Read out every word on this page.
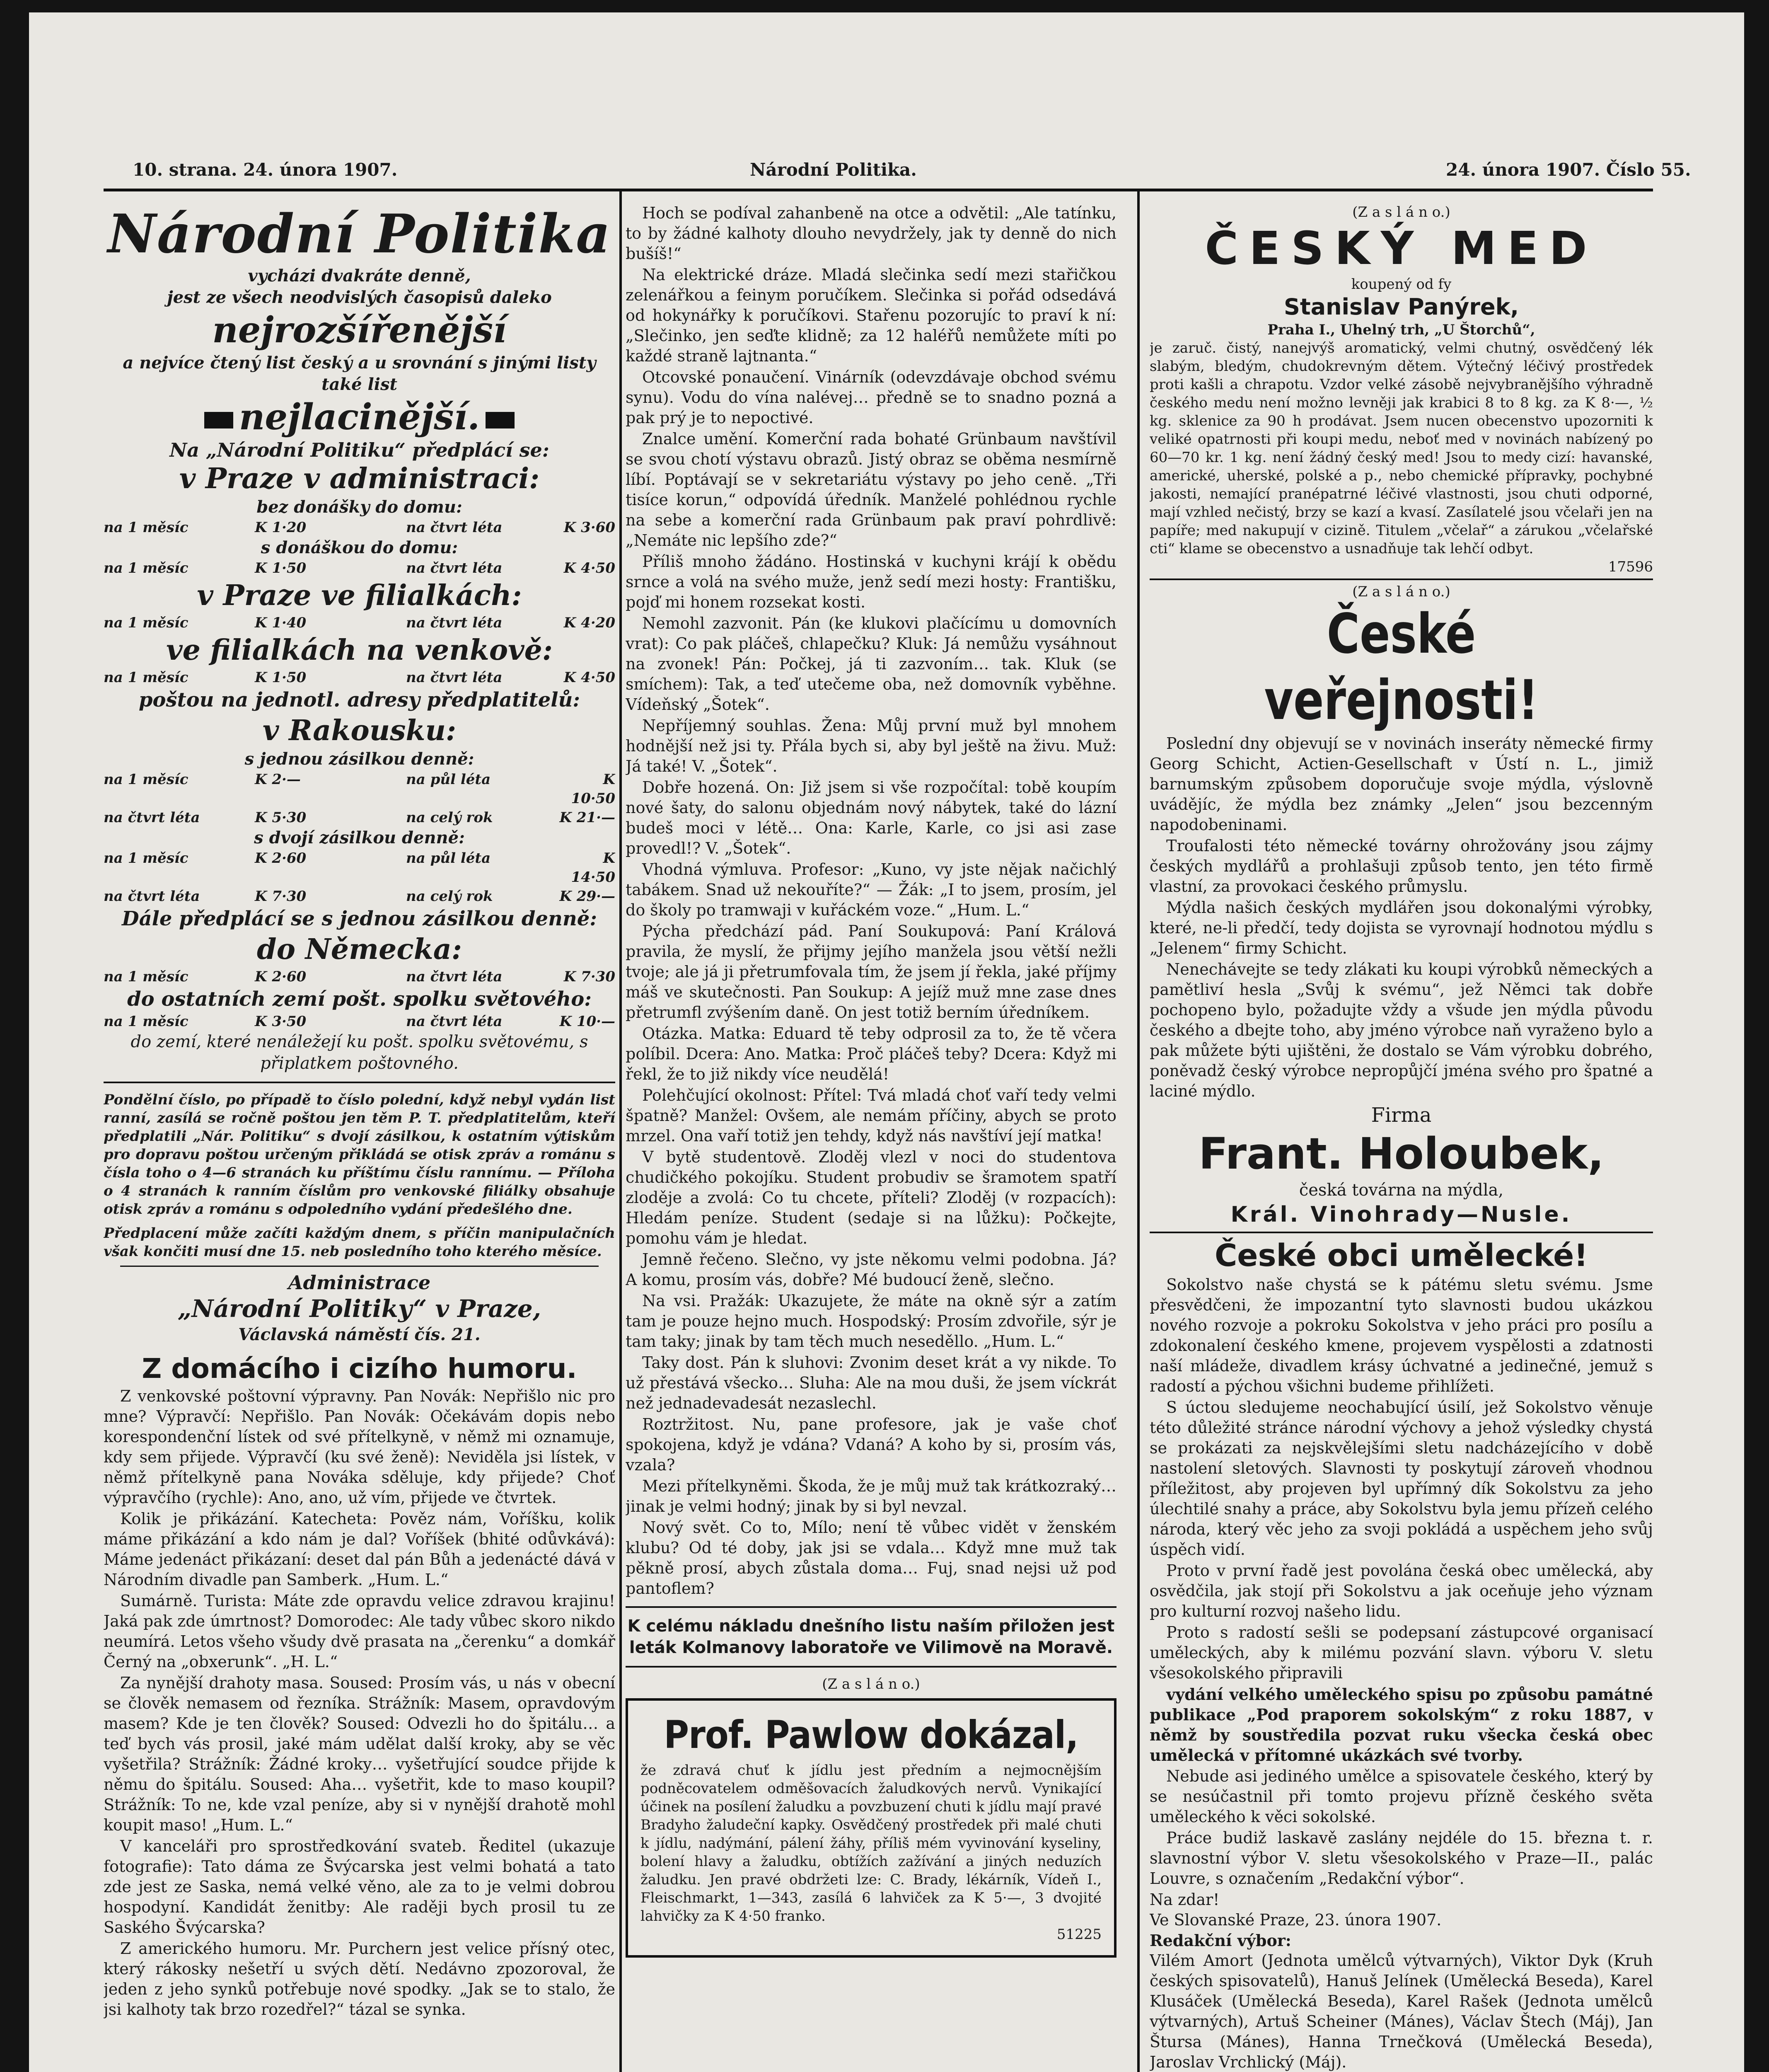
10. strana. 24. února 1907.	Národní Politika.	24. února 1907. Číslo 55.
Národní Politika
vycházi dvakráte denně,
jest ze všech neodvislých časopisů daleko
nejrozšířenější
a nejvíce čtený list český a u srovnání s jinými listy také list
nejlacinější.
Na „Národní Politiku“ předplácí se:
v Praze v administraci:
bez donášky do domu:
na 1 měsíc	K 1·20	na čtvrt léta	K 3·60
s donáškou do domu:
na 1 měsíc	K 1·50	na čtvrt léta	K 4·50
v Praze ve filialkách:
na 1 měsíc	K 1·40	na čtvrt léta	K 4·20
ve filialkách na venkově:
na 1 měsíc	K 1·50	na čtvrt léta	K 4·50
poštou na jednotl. adresy předplatitelů:
v Rakousku:
s jednou zásilkou denně:
na 1 měsíc	K 2·—	na půl léta	K 10·50
na čtvrt léta	K 5·30	na celý rok	K 21·—
s dvojí zásilkou denně:
na 1 měsíc	K 2·60	na půl léta	K 14·50
na čtvrt léta	K 7·30	na celý rok	K 29·—
Dále předplácí se s jednou zásilkou denně:
do Německa:
na 1 měsíc	K 2·60	na čtvrt léta	K 7·30
do ostatních zemí pošt. spolku světového:
na 1 měsíc	K 3·50	na čtvrt léta	K 10·—
do zemí, které nenáležejí ku pošt. spolku světovému, s připlatkem poštovného.

Pondělní číslo, po případě to číslo polední, když nebyl vydán list ranní, zasílá se ročně poštou jen těm P. T. předplatitelům, kteří předplatili „Nár. Politiku“ s dvojí zásilkou, k ostatním výtiskům pro dopravu poštou určeným přikládá se otisk zpráv a románu s čísla toho o 4—6 stranách ku příštímu číslu rannímu. — Příloha o 4 stranách k ranním číslům pro venkovské filiálky obsahuje otisk zpráv a románu s odpoledního vydání předešlého dne.

Předplacení může začíti každým dnem, s příčin manipulačních však končiti musí dne 15. neb posledního toho kterého měsíce.

Administrace
„Národní Politiky“ v Praze,
Václavská náměstí čís. 21.
Z domácího i cizího humoru.

Z venkovské poštovní výpravny. Pan Novák: Nepřišlo nic pro mne? Výpravčí: Nepřišlo. Pan Novák: Očekávám dopis nebo korespondenční lístek od své přítelkyně, v němž mi oznamuje, kdy sem přijede. Výpravčí (ku své ženě): Neviděla jsi lístek, v němž přítelkyně pana Nováka sděluje, kdy přijede? Choť výpravčího (rychle): Ano, ano, už vím, přijede ve čtvrtek.

Kolik je přikázání. Katecheta: Pověz nám, Voříšku, kolik máme přikázání a kdo nám je dal? Voříšek (bhité odůvkává): Máme jedenáct přikázaní: deset dal pán Bůh a jedenácté dává v Národním divadle pan Samberk. „Hum. L.“

Sumárně. Turista: Máte zde opravdu velice zdravou krajinu! Jaká pak zde úmrtnost? Domorodec: Ale tady vůbec skoro nikdo neumírá. Letos všeho všudy dvě prasata na „čerenku“ a domkář Černý na „obxerunk“. „H. L.“

Za nynější drahoty masa. Soused: Prosím vás, u nás v obecní se člověk nemasem od řezníka. Strážník: Masem, opravdovým masem? Kde je ten člověk? Soused: Odvezli ho do špitálu… a teď bych vás prosil, jaké mám udělat další kroky, aby se věc vyšetřila? Strážník: Žádné kroky… vyšetřující soudce přijde k němu do špitálu. Soused: Aha… vyšetřit, kde to maso koupil? Strážník: To ne, kde vzal peníze, aby si v nynější drahotě mohl koupit maso! „Hum. L.“

V kanceláři pro sprostředkování svateb. Ředitel (ukazuje fotografie): Tato dáma ze Švýcarska jest velmi bohatá a tato zde jest ze Saska, nemá velké věno, ale za to je velmi dobrou hospodyní. Kandidát ženitby: Ale raději bych prosil tu ze Saského Švýcarska?

Z amerického humoru. Mr. Purchern jest velice přísný otec, který rákosky nešetří u svých dětí. Nedávno zpozoroval, že jeden z jeho synků potřebuje nové spodky. „Jak se to stalo, že jsi kalhoty tak brzo rozedřel?“ tázal se synka.

Hoch se podíval zahanbeně na otce a odvětil: „Ale tatínku, to by žádné kalhoty dlouho nevydržely, jak ty denně do nich bušíš!“

Na elektrické dráze. Mladá slečinka sedí mezi stařičkou zelenářkou a feinym poručíkem. Slečinka si pořád odsedává od hokynářky k poručíkovi. Stařenu pozorujíc to praví k ní: „Slečinko, jen seďte klidně; za 12 haléřů nemůžete míti po každé straně lajtnanta.“

Otcovské ponaučení. Vinárník (odevzdávaje obchod svému synu). Vodu do vína nalévej… předně se to snadno pozná a pak prý je to nepoctivé.

Znalce umění. Komerční rada bohaté Grünbaum navštívil se svou chotí výstavu obrazů. Jistý obraz se oběma nesmírně líbí. Poptávají se v sekretariátu výstavy po jeho ceně. „Tři tisíce korun,“ odpovídá úředník. Manželé pohlédnou rychle na sebe a komerční rada Grünbaum pak praví pohrdlivě: „Nemáte nic lepšího zde?“

Příliš mnoho žádáno. Hostinská v kuchyni krájí k obědu srnce a volá na svého muže, jenž sedí mezi hosty: Františku, pojď mi honem rozsekat kosti.

Nemohl zazvonit. Pán (ke klukovi plačícímu u domovních vrat): Co pak pláčeš, chlapečku? Kluk: Já nemůžu vysáhnout na zvonek! Pán: Počkej, já ti zazvoním… tak. Kluk (se smíchem): Tak, a teď utečeme oba, než domovník vyběhne. Vídeňský „Šotek“.

Nepříjemný souhlas. Žena: Můj první muž byl mnohem hodnější než jsi ty. Přála bych si, aby byl ještě na živu. Muž: Já také! V. „Šotek“.

Dobře hozená. On: Již jsem si vše rozpočítal: tobě koupím nové šaty, do salonu objednám nový nábytek, také do lázní budeš moci v létě… Ona: Karle, Karle, co jsi asi zase provedl!? V. „Šotek“.

Vhodná výmluva. Profesor: „Kuno, vy jste nějak načichlý tabákem. Snad už nekouříte?“ — Žák: „I to jsem, prosím, jel do školy po tramwaji v kuřáckém voze.“ „Hum. L.“

Pýcha předchází pád. Paní Soukupová: Paní Králová pravila, že myslí, že přijmy jejího manžela jsou větší nežli tvoje; ale já ji přetrumfovala tím, že jsem jí řekla, jaké příjmy máš ve skutečnosti. Pan Soukup: A jejíž muž mne zase dnes přetrumfl zvýšením daně. On jest totiž berním úředníkem.

Otázka. Matka: Eduard tě teby odprosil za to, že tě včera políbil. Dcera: Ano. Matka: Proč pláčeš teby? Dcera: Když mi řekl, že to již nikdy více neudělá!

Polehčující okolnost: Přítel: Tvá mladá choť vaří tedy velmi špatně? Manžel: Ovšem, ale nemám příčiny, abych se proto mrzel. Ona vaří totiž jen tehdy, když nás navštíví její matka!

V bytě studentově. Zloděj vlezl v noci do studentova chudičkého pokojíku. Student probudiv se šramotem spatří zloděje a zvolá: Co tu chcete, příteli? Zloděj (v rozpacích): Hledám peníze. Student (sedaje si na lůžku): Počkejte, pomohu vám je hledat.

Jemně řečeno. Slečno, vy jste někomu velmi podobna. Já? A komu, prosím vás, dobře? Mé budoucí ženě, slečno.

Na vsi. Pražák: Ukazujete, že máte na okně sýr a zatím tam je pouze hejno much. Hospodský: Prosím zdvořile, sýr je tam taky; jinak by tam těch much neseděllo. „Hum. L.“

Taky dost. Pán k sluhovi: Zvonim deset krát a vy nikde. To už přestává všecko… Sluha: Ale na mou duši, že jsem víckrát než jednadevadesát nezaslechl.

Roztržitost. Nu, pane profesore, jak je vaše choť spokojena, když je vdána? Vdaná? A koho by si, prosím vás, vzala?

Mezi přítelkyněmi. Škoda, že je můj muž tak krátkozraký… jinak je velmi hodný; jinak by si byl nevzal.

Nový svět. Co to, Mílo; není tě vůbec vidět v ženském klubu? Od té doby, jak jsi se vdala… Když mne muž tak pěkně prosí, abych zůstala doma… Fuj, snad nejsi už pod pantoflem?

K celému nákladu dnešního listu naším přiložen jest leták Kolmanovy laboratoře ve Vilimově na Moravě.

(Z a s l á n o.)
Prof. Pawlow dokázal,

že zdravá chuť k jídlu jest předním a nejmocnějším podněcovatelem odměšovacích žaludkových nervů. Vynikající účinek na posílení žaludku a povzbuzení chuti k jídlu mají pravé Bradyho žaludeční kapky. Osvědčený prostředek při malé chuti k jídlu, nadýmání, pálení žáhy, příliš mém vyvinování kyseliny, bolení hlavy a žaludku, obtížích zažívání a jiných neduzích žaludku. Jen pravé obdržeti lze: C. Brady, lékárník, Vídeň I., Fleischmarkt, 1—343, zasílá 6 lahviček za K 5·—, 3 dvojité lahvičky za K 4·50 franko.

51225
(Z a s l á n o.)
ČESKÝ MED
koupený od fy
Stanislav Panýrek,
Praha I., Uhelný trh, „U Štorchů“,

je zaruč. čistý, nanejvýš aromatický, velmi chutný, osvědčený lék slabým, bledým, chudokrevným dětem. Výtečný léčivý prostředek proti kašli a chrapotu. Vzdor velké zásobě nejvybranějšího výhradně českého medu není možno levněji jak krabici 8 to 8 kg. za K 8·—, ½ kg. sklenice za 90 h prodávat. Jsem nucen obecenstvo upozorniti k veliké opatrnosti při koupi medu, neboť med v novinách nabízený po 60—70 kr. 1 kg. není žádný český med! Jsou to medy cizí: havanské, americké, uherské, polské a p., nebo chemické přípravky, pochybné jakosti, nemající pranépatrné léčivé vlastnosti, jsou chuti odporné, mají vzhled nečistý, brzy se kazí a kvasí. Zasílatelé jsou včelaři jen na papíře; med nakupují v cizině. Titulem „včelař“ a zárukou „včelařské cti“ klame se obecenstvo a usnadňuje tak lehčí odbyt.

17596
(Z a s l á n o.)
České veřejnosti!

Poslední dny objevují se v novinách inseráty německé firmy Georg Schicht, Actien-Gesellschaft v Ústí n. L., jimiž barnumským způsobem doporučuje svoje mýdla, výslovně uvádějíc, že mýdla bez známky „Jelen“ jsou bezcenným napodobeninami.

Troufalosti této německé továrny ohrožovány jsou zájmy českých mydlářů a prohlašuji způsob tento, jen této firmě vlastní, za provokaci českého průmyslu.

Mýdla našich českých mydlářen jsou dokonalými výrobky, které, ne-li předčí, tedy dojista se vyrovnají hodnotou mýdlu s „Jelenem“ firmy Schicht.

Nenechávejte se tedy zlákati ku koupi výrobků německých a pamětliví hesla „Svůj k svému“, jež Němci tak dobře pochopeno bylo, požadujte vždy a všude jen mýdla původu českého a dbejte toho, aby jméno výrobce naň vyraženo bylo a pak můžete býti ujištěni, že dostalo se Vám výrobku dobrého, poněvadž český výrobce nepropůjčí jména svého pro špatné a laciné mýdlo.

Firma
Frant. Holoubek,
česká továrna na mýdla,
Král. Vinohrady—Nusle.
České obci umělecké!

Sokolstvo naše chystá se k pátému sletu svému. Jsme přesvědčeni, že impozantní tyto slavnosti budou ukázkou nového rozvoje a pokroku Sokolstva v jeho práci pro posílu a zdokonalení českého kmene, projevem vyspělosti a zdatnosti naší mládeže, divadlem krásy úchvatné a jedinečné, jemuž s radostí a pýchou všichni budeme přihlížeti.

S úctou sledujeme neochabující úsilí, jež Sokolstvo věnuje této důležité stránce národní výchovy a jehož výsledky chystá se prokázati za nejskvělejšími sletu nadcházejícího v době nastolení sletových. Slavnosti ty poskytují zároveň vhodnou příležitost, aby projeven byl upřímný dík Sokolstvu za jeho úlechtilé snahy a práce, aby Sokolstvu byla jemu přízeň celého národa, který věc jeho za svoji pokládá a uspěchem jeho svůj úspěch vidí.

Proto v první řadě jest povolána česká obec umělecká, aby osvědčila, jak stojí při Sokolstvu a jak oceňuje jeho význam pro kulturní rozvoj našeho lidu.

Proto s radostí sešli se podepsaní zástupcové organisací uměleckých, aby k milému pozvání slavn. výboru V. sletu všesokolského připravili

vydání velkého uměleckého spisu po způsobu památné publikace „Pod praporem sokolským“ z roku 1887, v němž by soustředila pozvat ruku všecka česká obec umělecká v přítomné ukázkách své tvorby.

Nebude asi jediného umělce a spisovatele českého, který by se nesúčastnil při tomto projevu přízně českého světa uměleckého k věci sokolské.

Práce budiž laskavě zaslány nejdéle do 15. března t. r. slavnostní výbor V. sletu všesokolského v Praze—II., palác Louvre, s označením „Redakční výbor“.

Na zdar!
Ve Slovanské Praze, 23. února 1907.
Redakční výbor:

Vilém Amort (Jednota umělců výtvarných), Viktor Dyk (Kruh českých spisovatelů), Hanuš Jelínek (Umělecká Beseda), Karel Klusáček (Umělecká Beseda), Karel Rašek (Jednota umělců výtvarných), Artuš Scheiner (Mánes), Václav Štech (Máj), Jan Štursa (Mánes), Hanna Trnečková (Umělecká Beseda), Jaroslav Vrchlický (Máj).
